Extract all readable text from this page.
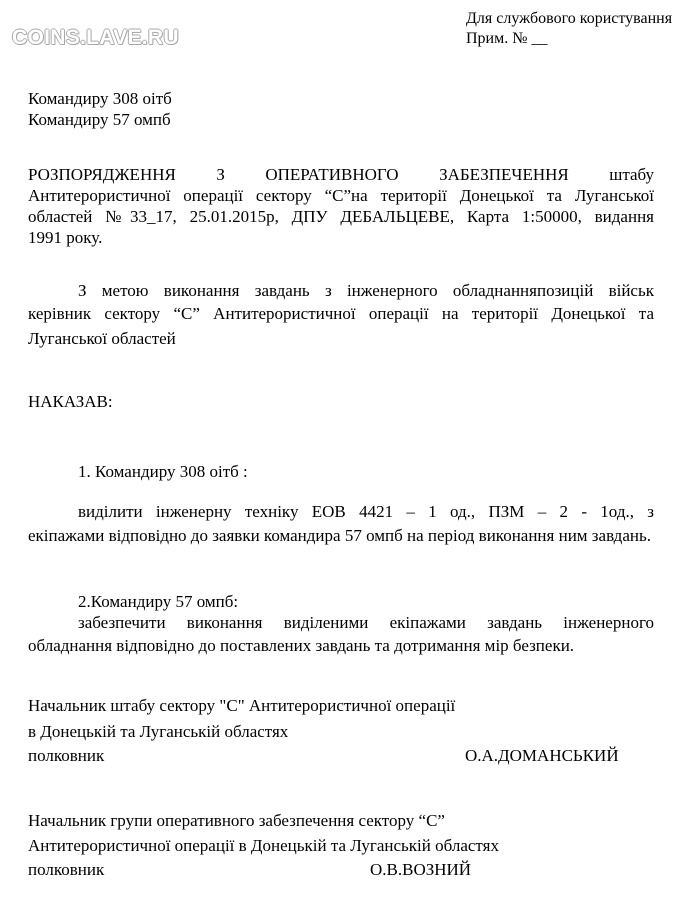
COINS.LAVE.RU
Для службового користування
Прим. № __
Командиру 308 оітб
Командиру 57 омпб
РОЗПОРЯДЖЕННЯ З ОПЕРАТИВНОГО ЗАБЕЗПЕЧЕННЯ штабу
Антитерористичної операції сектору “С”на території Донецької та Луганської
областей №33_17, 25.01.2015р, ДПУ ДЕБАЛЬЦЕВЕ, Карта 1:50000, видання
1991 року.
З метою виконання завдань з інженерного обладнанняпозицій військ
керівник сектору “С” Антитерористичної операції на території Донецької та Луганської областей
НАКАЗАВ:
1. Командиру 308 оітб :
виділити інженерну техніку ЕОВ 4421 – 1 од., ПЗМ – 2 - 1од., з
екіпажами відповідно до заявки командира 57 омпб на період виконання ним завдань.
2.Командиру 57 омпб:
забезпечити виконання виділеними екіпажами завдань інженерного
обладнання відповідно до поставлених завдань та дотримання мір безпеки.
Начальник штабу сектору "С" Антитерористичної операції
в Донецькій та Луганській областях
полковник	О.А.ДОМАНСЬКИЙ
Начальник групи оперативного забезпечення сектору “С”
Антитерористичної операції в Донецькій та Луганській областях
полковник	О.В.ВОЗНИЙ
